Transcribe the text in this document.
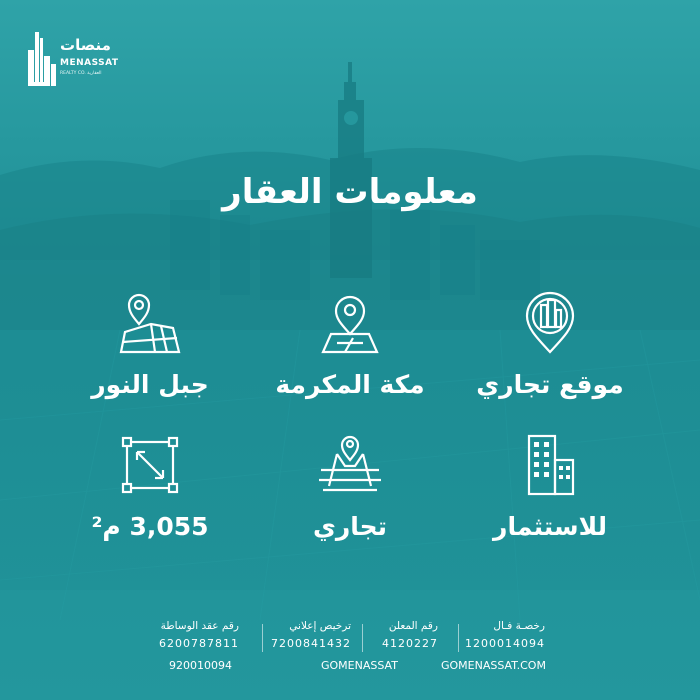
منصات
MENASSAT
REALTY CO. العقارية
معلومات العقار
موقع تجاري
مكة المكرمة
جبل النور
للاستثمار
تجاري
3,055 م²
رخصـة فـال
1200014094
رقم المعلن
4120227
ترخيص إعلاني
7200841432
رقم عقد الوساطة
6200787811
GOMENASSAT.COM
GOMENASSAT
920010094
